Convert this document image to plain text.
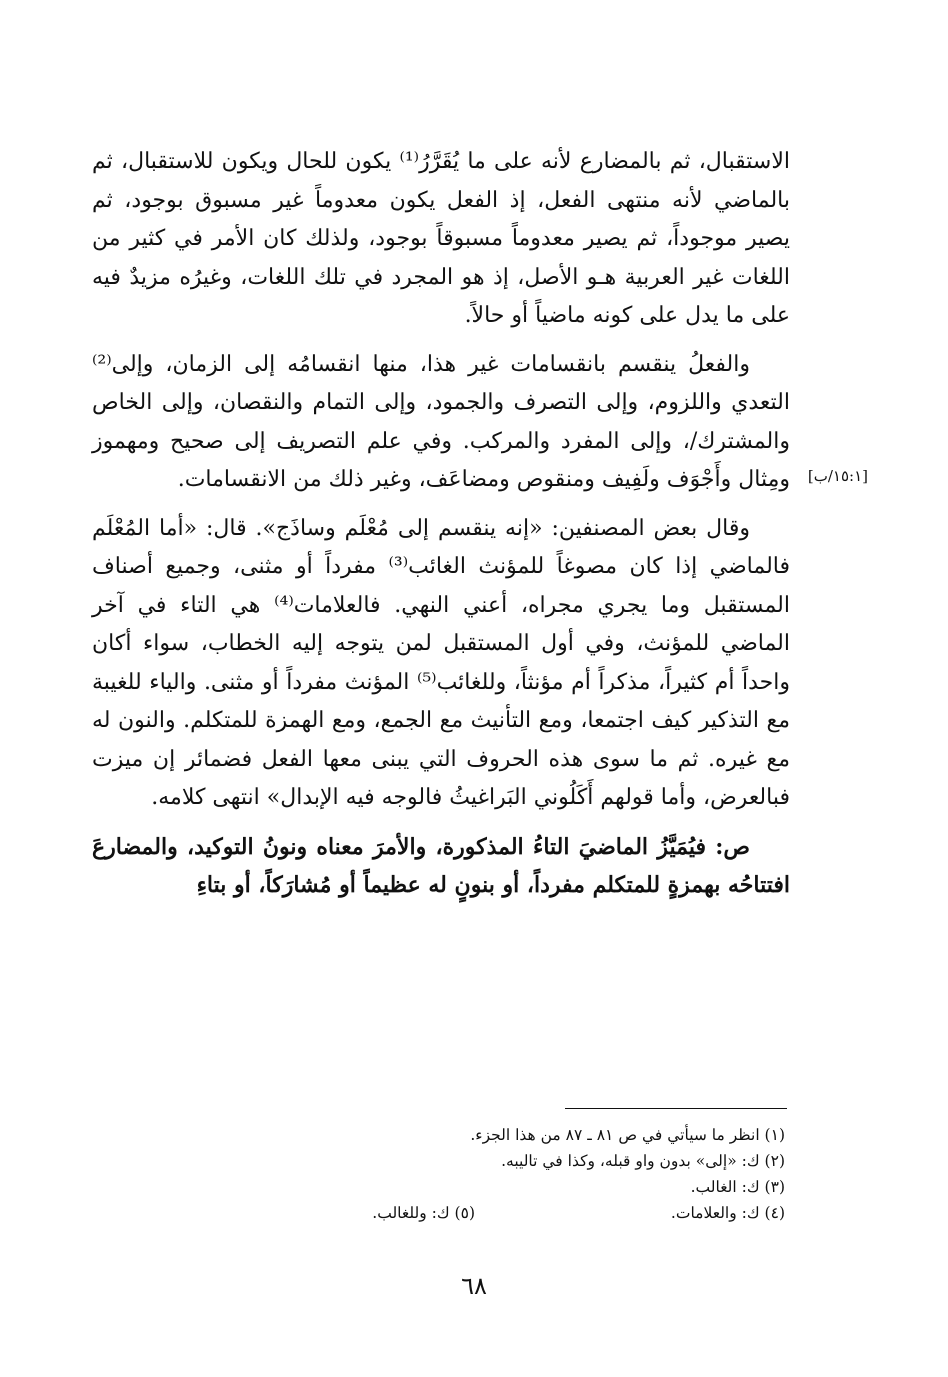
الاستقبال، ثم بالمضارع لأنه على ما يُقَرَّرُ⁽¹⁾ يكون للحال ويكون للاستقبال، ثم بالماضي لأنه منتهى الفعل، إذ الفعل يكون معدوماً غير مسبوق بوجود، ثم يصير موجوداً، ثم يصير معدوماً مسبوقاً بوجود، ولذلك كان الأمر في كثير من اللغات غير العربية هـو الأصل، إذ هو المجرد في تلك اللغات، وغيرُه مزيدٌ فيه على ما يدل على كونه ماضياً أو حالاً.

والفعلُ ينقسم بانقسامات غير هذا، منها انقسامُه إلى الزمان، وإلى⁽²⁾ التعدي واللزوم، وإلى التصرف والجمود، وإلى التمام والنقصان، وإلى الخاص والمشترك/، وإلى المفرد والمركب. وفي علم التصريف إلى صحيح ومهموز ومِثال وأَجْوَف ولَفِيف ومنقوص ومضاعَف، وغير ذلك من الانقسامات.

وقال بعض المصنفين: «إنه ينقسم إلى مُعْلَم وساذَج». قال: «أما المُعْلَم فالماضي إذا كان مصوغاً للمؤنث الغائب⁽³⁾ مفرداً أو مثنى، وجميع أصناف المستقبل وما يجري مجراه، أعني النهي. فالعلامات⁽⁴⁾ هي التاء في آخر الماضي للمؤنث، وفي أول المستقبل لمن يتوجه إليه الخطاب، سواء أكان واحداً أم كثيراً، مذكراً أم مؤنثاً، وللغائب⁽⁵⁾ المؤنث مفرداً أو مثنى. والياء للغيبة مع التذكير كيف اجتمعا، ومع التأنيث مع الجمع، ومع الهمزة للمتكلم. والنون له مع غيره. ثم ما سوى هذه الحروف التي يبنى معها الفعل فضمائر إن ميزت فبالعرض، وأما قولهم أَكَلُوني البَراغيثُ فالوجه فيه الإبدال» انتهى كلامه.

ص: فيُمَيَّزُ الماضيَ التاءُ المذكورة، والأمرَ معناه ونونُ التوكيد، والمضارعَ افتتاحُه بهمزةٍ للمتكلم مفرداً، أو بنونٍ له عظيماً أو مُشارَكاً، أو بتاءِ

[١٥:١/ب]
(١) انظر ما سيأتي في ص ٨١ ـ ٨٧ من هذا الجزء.
(٢) ك: «إلى» بدون واو قبله، وكذا في تاليبه.
(٣) ك: الغالب.
(٤) ك: والعلامات.
(٥) ك: وللغالب.
٦٨
